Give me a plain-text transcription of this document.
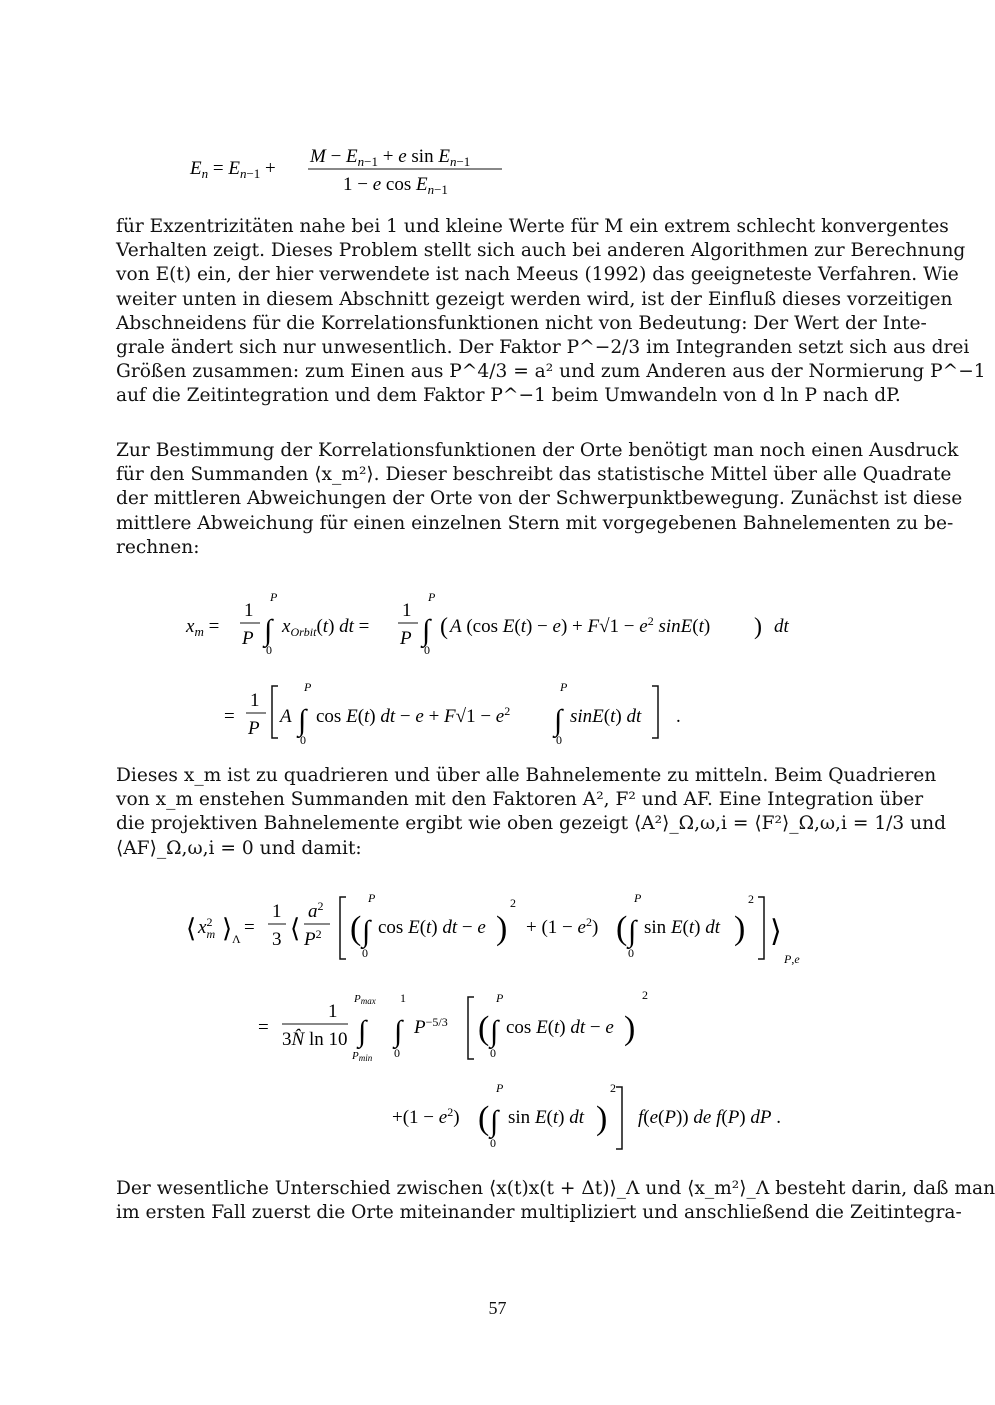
$E_n = E_n-1$ +
$M - E_n-1 + e$ $\sin E_n-1$
1 − e $\cos E_n-1$
für Exzentrizitäten nahe bei 1 und kleine Werte für M ein extrem schlecht konvergentes
Verhalten zeigt. Dieses Problem stellt sich auch bei anderen Algorithmen zur Berechnung
von E(t) ein, der hier verwendete ist nach Meeus (1992) das geeigneteste Verfahren. Wie
weiter unten in diesem Abschnitt gezeigt werden wird, ist der Einfluß dieses vorzeitigen
Abschneidens für die Korrelationsfunktionen nicht von Bedeutung: Der Wert der Inte-
grale ändert sich nur unwesentlich. Der Faktor P^−2/3 im Integranden setzt sich aus drei
Größen zusammen: zum Einen aus P^4/3 = a² und zum Anderen aus der Normierung P^−1
auf die Zeitintegration und dem Faktor P^−1 beim Umwandeln von d ln P nach dP.
Zur Bestimmung der Korrelationsfunktionen der Orte benötigt man noch einen Ausdruck
für den Summanden ⟨x_m²⟩. Dieser beschreibt das statistische Mittel über alle Quadrate
der mittleren Abweichungen der Orte von der Schwerpunktbewegung. Zunächst ist diese
mittlere Abweichung für einen einzelnen Stern mit vorgegebenen Bahnelementen zu be-
rechnen:
$x_m$ =
1
P
P
∫
0
$x_{Orbit}(t)$ dt =
1
P
P
∫
0
( A (cos $E(t) - e) + F√1 - e^2$ sinE(t) ) dt
=
1
P
A
P
∫
0
cos E(t) dt − $e + F√1 - e^2$
P
∫
0
sinE(t) dt .
Dieses x_m ist zu quadrieren und über alle Bahnelemente zu mitteln. Beim Quadrieren
von x_m enstehen Summanden mit den Faktoren A², F² und AF. Eine Integration über
die projektiven Bahnelemente ergibt wie oben gezeigt ⟨A²⟩_Ω,ω,i = ⟨F²⟩_Ω,ω,i = 1/3 und
⟨AF⟩_Ω,ω,i = 0 und damit:
⟨ $x^2$ m ⟩ Λ
=
1
3 ⟨
$a^2$
$P^2$ (
P
∫
0
cos E(t) dt − e )
2
+ $(1 - e^2)$ (
P
∫
0
sin E(t) dt )
2
⟩
P,e
=
1
3N̂ ln 10
Pmax
∫
Pmin
1
∫
0
$P^{-5/3}$ (
P
∫
0
cos E(t) dt − e )
2
$+(1 - e^2)$ (
P
∫
0
sin E(t) dt )
2
f(e(P)) de f(P) dP .
Der wesentliche Unterschied zwischen ⟨x(t)x(t + Δt)⟩_Λ und ⟨x_m²⟩_Λ besteht darin, daß man
im ersten Fall zuerst die Orte miteinander multipliziert und anschließend die Zeitintegra-
57
